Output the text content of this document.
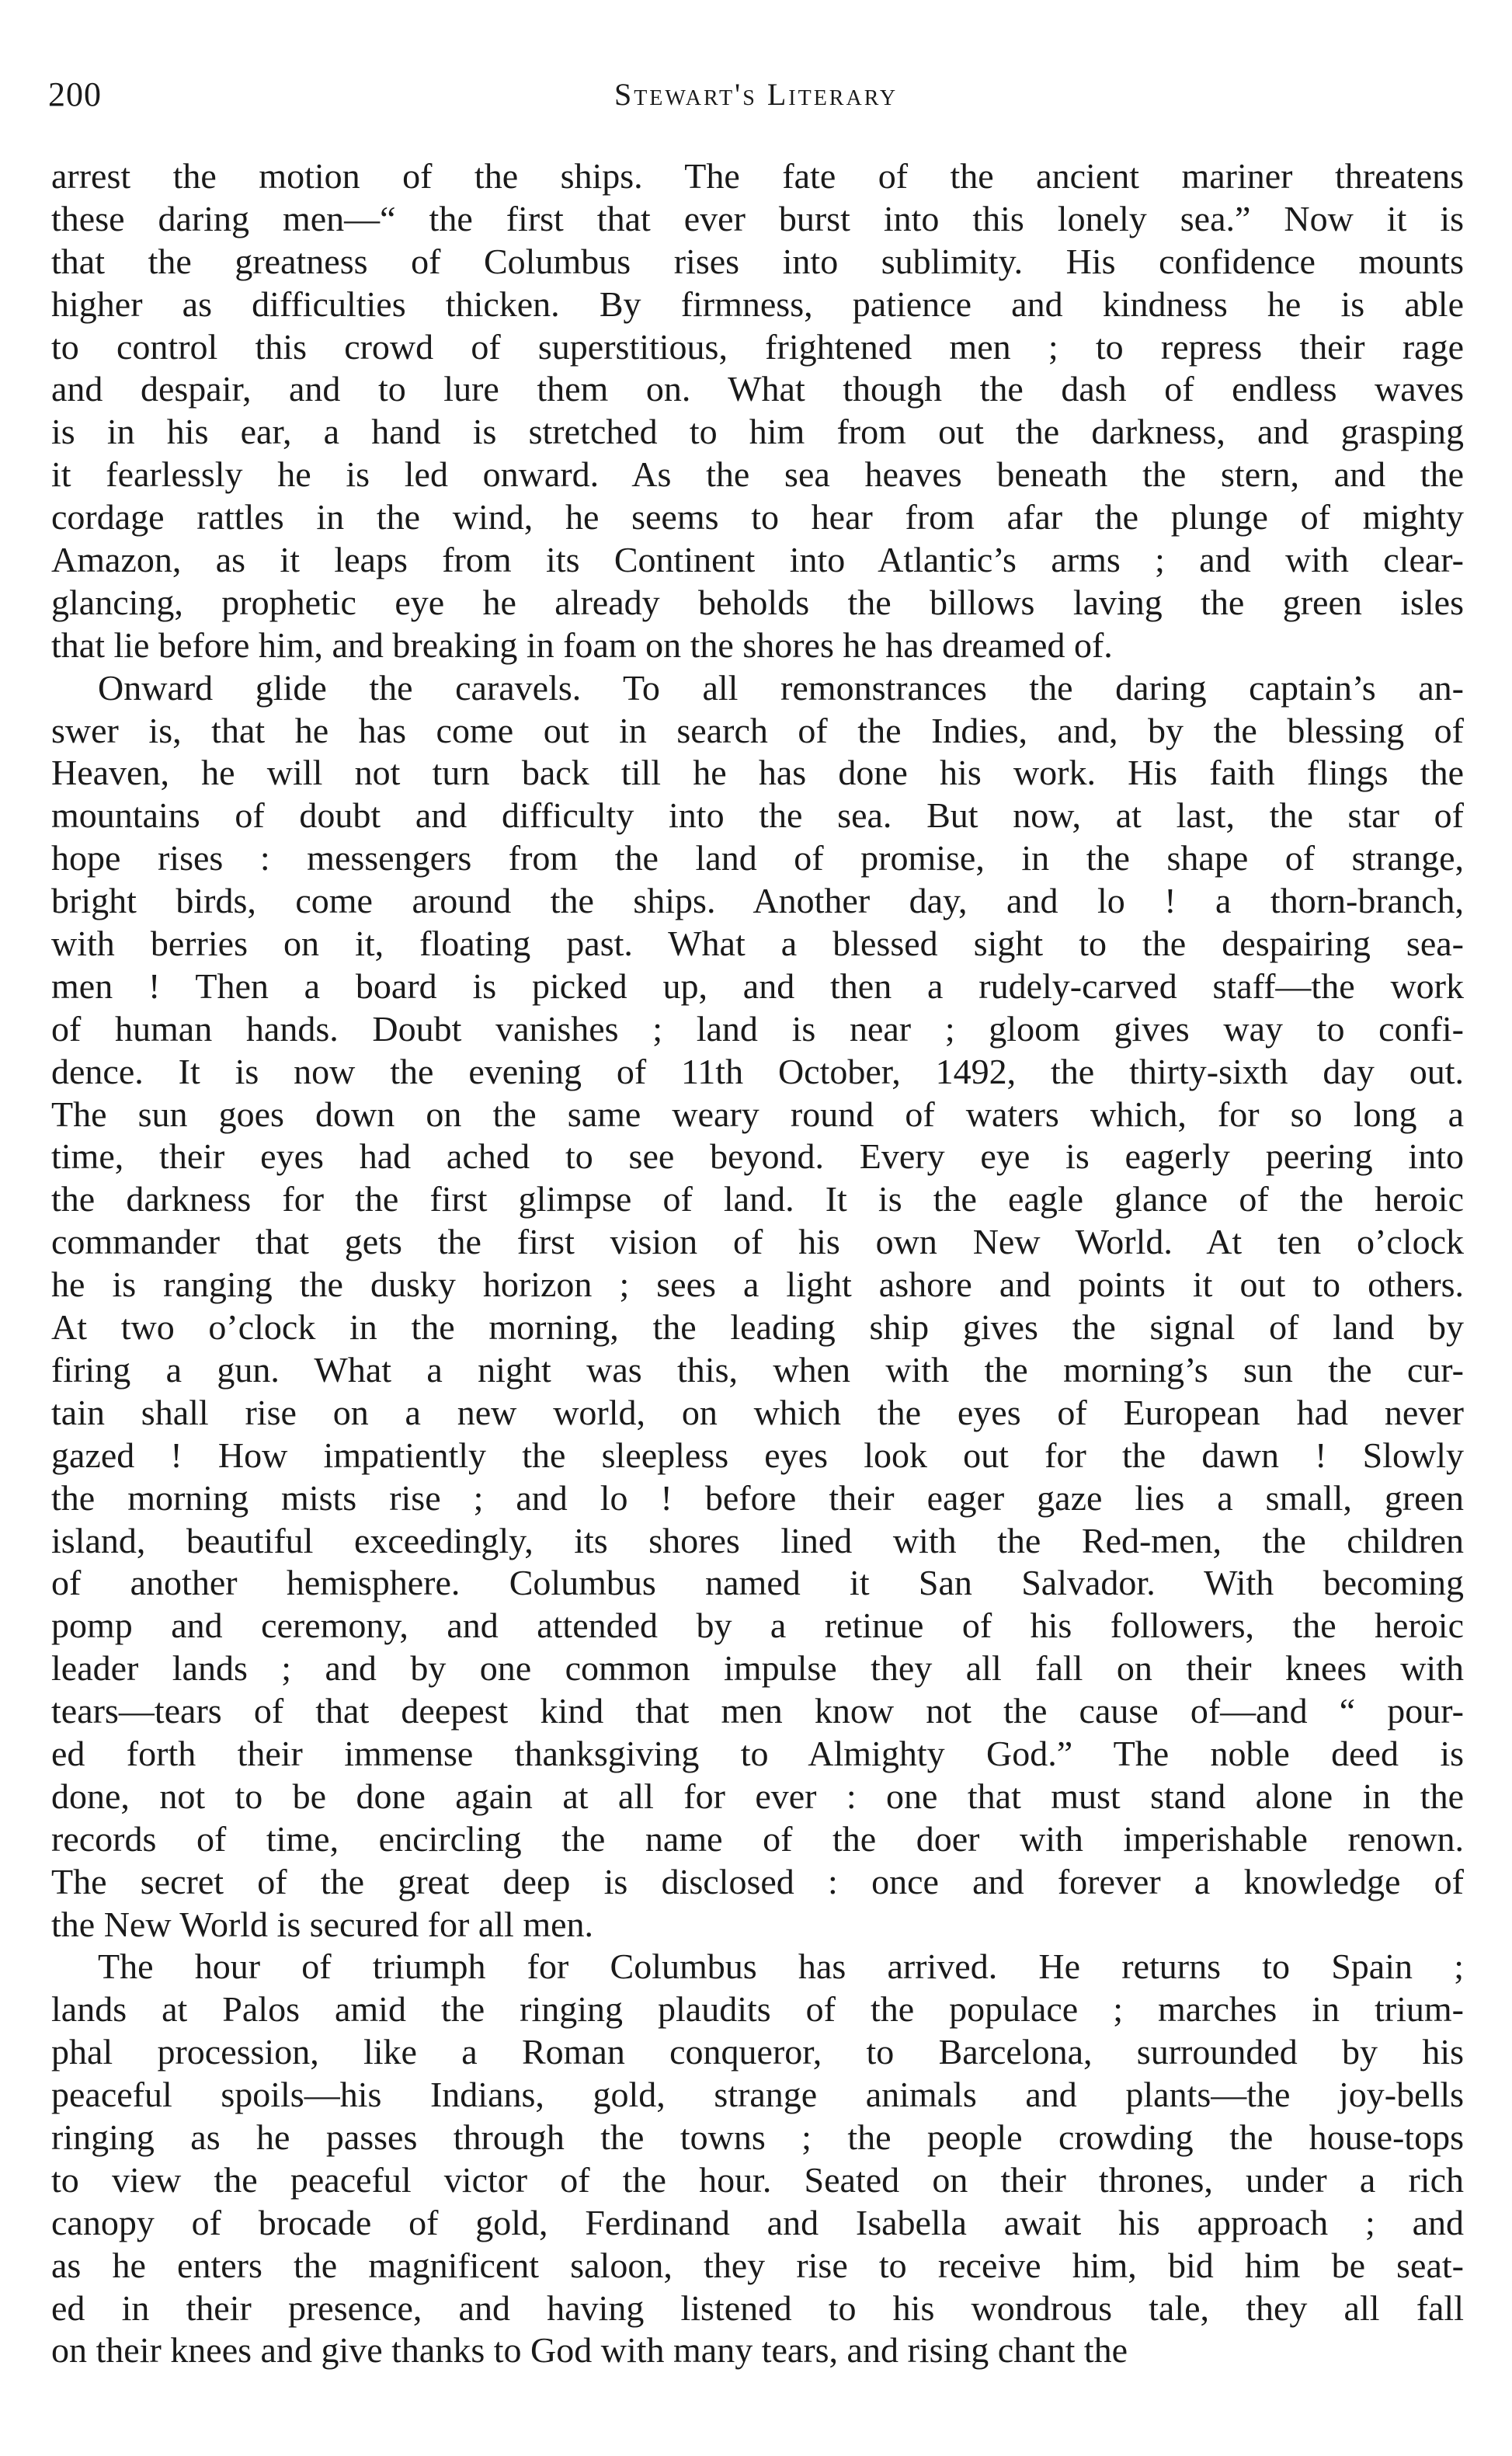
200	Stewart's Literary
arrest the motion of the ships. The fate of the ancient mariner threatens
these daring men—“ the first that ever burst into this lonely sea.” Now it is
that the greatness of Columbus rises into sublimity. His confidence mounts
higher as difficulties thicken. By firmness, patience and kindness he is able
to control this crowd of superstitious, frightened men ; to repress their rage
and despair, and to lure them on. What though the dash of endless waves
is in his ear, a hand is stretched to him from out the darkness, and grasping
it fearlessly he is led onward. As the sea heaves beneath the stern, and the
cordage rattles in the wind, he seems to hear from afar the plunge of mighty
Amazon, as it leaps from its Continent into Atlantic’s arms ; and with clear-
glancing, prophetic eye he already beholds the billows laving the green isles
that lie before him, and breaking in foam on the shores he has dreamed of.
Onward glide the caravels. To all remonstrances the daring captain’s an-
swer is, that he has come out in search of the Indies, and, by the blessing of
Heaven, he will not turn back till he has done his work. His faith flings the
mountains of doubt and difficulty into the sea. But now, at last, the star of
hope rises : messengers from the land of promise, in the shape of strange,
bright birds, come around the ships. Another day, and lo ! a thorn-branch,
with berries on it, floating past. What a blessed sight to the despairing sea-
men ! Then a board is picked up, and then a rudely-carved staff—the work
of human hands. Doubt vanishes ; land is near ; gloom gives way to confi-
dence. It is now the evening of 11th October, 1492, the thirty-sixth day out.
The sun goes down on the same weary round of waters which, for so long a
time, their eyes had ached to see beyond. Every eye is eagerly peering into
the darkness for the first glimpse of land. It is the eagle glance of the heroic
commander that gets the first vision of his own New World. At ten o’clock
he is ranging the dusky horizon ; sees a light ashore and points it out to others.
At two o’clock in the morning, the leading ship gives the signal of land by
firing a gun. What a night was this, when with the morning’s sun the cur-
tain shall rise on a new world, on which the eyes of European had never
gazed ! How impatiently the sleepless eyes look out for the dawn ! Slowly
the morning mists rise ; and lo ! before their eager gaze lies a small, green
island, beautiful exceedingly, its shores lined with the Red-men, the children
of another hemisphere. Columbus named it San Salvador. With becoming
pomp and ceremony, and attended by a retinue of his followers, the heroic
leader lands ; and by one common impulse they all fall on their knees with
tears—tears of that deepest kind that men know not the cause of—and “ pour-
ed forth their immense thanksgiving to Almighty God.” The noble deed is
done, not to be done again at all for ever : one that must stand alone in the
records of time, encircling the name of the doer with imperishable renown.
The secret of the great deep is disclosed : once and forever a knowledge of
the New World is secured for all men.
The hour of triumph for Columbus has arrived. He returns to Spain ;
lands at Palos amid the ringing plaudits of the populace ; marches in trium-
phal procession, like a Roman conqueror, to Barcelona, surrounded by his
peaceful spoils—his Indians, gold, strange animals and plants—the joy-bells
ringing as he passes through the towns ; the people crowding the house-tops
to view the peaceful victor of the hour. Seated on their thrones, under a rich
canopy of brocade of gold, Ferdinand and Isabella await his approach ; and
as he enters the magnificent saloon, they rise to receive him, bid him be seat-
ed in their presence, and having listened to his wondrous tale, they all fall
on their knees and give thanks to God with many tears, and rising chant the
